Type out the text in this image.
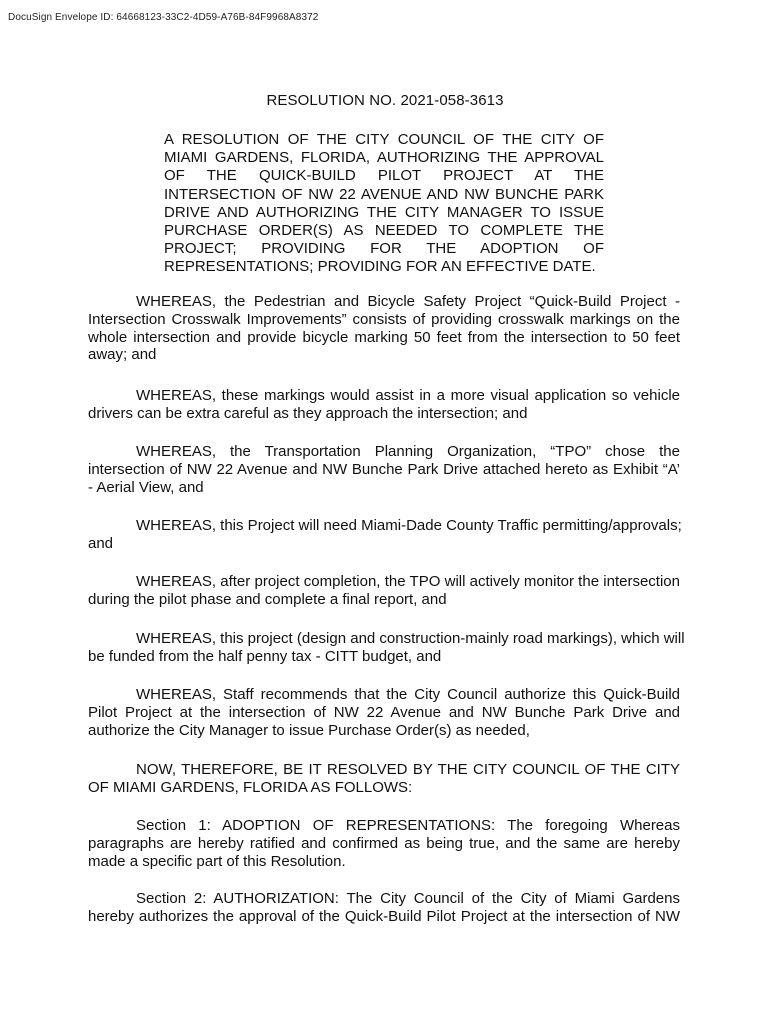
DocuSign Envelope ID: 64668123-33C2-4D59-A76B-84F9968A8372
RESOLUTION NO. 2021-058-3613
A RESOLUTION OF THE CITY COUNCIL OF THE CITY OF
MIAMI GARDENS, FLORIDA, AUTHORIZING THE APPROVAL
OF THE QUICK-BUILD PILOT PROJECT AT THE
INTERSECTION OF NW 22 AVENUE AND NW BUNCHE PARK
DRIVE AND AUTHORIZING THE CITY MANAGER TO ISSUE
PURCHASE ORDER(S) AS NEEDED TO COMPLETE THE
PROJECT; PROVIDING FOR THE ADOPTION OF
REPRESENTATIONS; PROVIDING FOR AN EFFECTIVE DATE.
WHEREAS, the Pedestrian and Bicycle Safety Project “Quick-Build Project -
Intersection Crosswalk Improvements” consists of providing crosswalk markings on the
whole intersection and provide bicycle marking 50 feet from the intersection to 50 feet
away; and
WHEREAS, these markings would assist in a more visual application so vehicle
drivers can be extra careful as they approach the intersection; and
WHEREAS, the Transportation Planning Organization, “TPO” chose the
intersection of NW 22 Avenue and NW Bunche Park Drive attached hereto as Exhibit “A’
- Aerial View, and
WHEREAS, this Project will need Miami-Dade County Traffic permitting/approvals;
and
WHEREAS, after project completion, the TPO will actively monitor the intersection
during the pilot phase and complete a final report, and
WHEREAS, this project (design and construction-mainly road markings), which will
be funded from the half penny tax - CITT budget, and
WHEREAS, Staff recommends that the City Council authorize this Quick-Build
Pilot Project at the intersection of NW 22 Avenue and NW Bunche Park Drive and
authorize the City Manager to issue Purchase Order(s) as needed,
NOW, THEREFORE, BE IT RESOLVED BY THE CITY COUNCIL OF THE CITY
OF MIAMI GARDENS, FLORIDA AS FOLLOWS:
Section 1: ADOPTION OF REPRESENTATIONS: The foregoing Whereas
paragraphs are hereby ratified and confirmed as being true, and the same are hereby
made a specific part of this Resolution.
Section 2: AUTHORIZATION: The City Council of the City of Miami Gardens
hereby authorizes the approval of the Quick-Build Pilot Project at the intersection of NW
